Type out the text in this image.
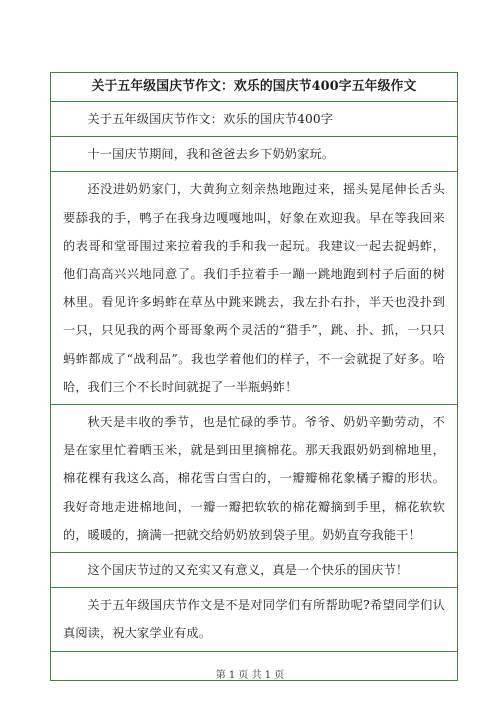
关于五年级国庆节作文：欢乐的国庆节400字五年级作文
关于五年级国庆节作文：欢乐的国庆节400字
十一国庆节期间，我和爸爸去乡下奶奶家玩。
还没进奶奶家门，大黄狗立刻亲热地跑过来，摇头晃尾伸长舌头要舔我的手，鸭子在我身边嘎嘎地叫，好象在欢迎我。早在等我回来的表哥和堂哥围过来拉着我的手和我一起玩。我建议一起去捉蚂蚱，他们高高兴兴地同意了。我们手拉着手一蹦一跳地跑到村子后面的树林里。看见许多蚂蚱在草丛中跳来跳去，我左扑右扑，半天也没扑到一只，只见我的两个哥哥象两个灵活的“猎手”，跳、扑、抓，一只只蚂蚱都成了“战利品”。我也学着他们的样子，不一会就捉了好多。哈哈，我们三个不长时间就捉了一半瓶蚂蚱！
秋天是丰收的季节，也是忙碌的季节。爷爷、奶奶辛勤劳动，不是在家里忙着晒玉米，就是到田里摘棉花。那天我跟奶奶到棉地里，棉花棵有我这么高，棉花雪白雪白的，一瓣瓣棉花象橘子瓣的形状。我好奇地走进棉地间，一瓣一瓣把软软的棉花瓣摘到手里，棉花软软的，暖暖的，摘满一把就交给奶奶放到袋子里。奶奶直夸我能干！
这个国庆节过的又充实又有意义，真是一个快乐的国庆节！
关于五年级国庆节作文是不是对同学们有所帮助呢?希望同学们认真阅读，祝大家学业有成。
第 1 页 共 1 页
